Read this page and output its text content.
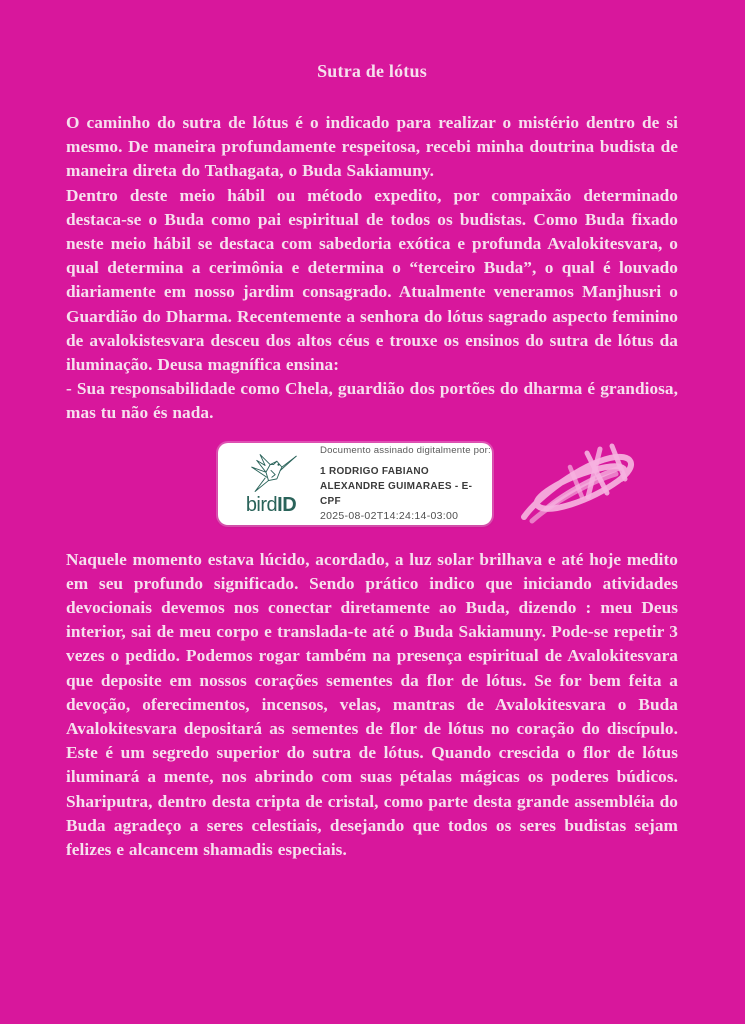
Sutra de lótus

O caminho do sutra de lótus é o indicado para realizar o mistério dentro de si mesmo. De maneira profundamente respeitosa, recebi minha doutrina budista de maneira direta do Tathagata, o Buda Sakiamuny.

Dentro deste meio hábil ou método expedito, por compaixão determinado destaca-se o Buda como pai espiritual de todos os budistas. Como Buda fixado neste meio hábil se destaca com sabedoria exótica e profunda Avalokitesvara, o qual determina a cerimônia e determina o “terceiro Buda”, o qual é louvado diariamente em nosso jardim consagrado. Atualmente veneramos Manjhusri o Guardião do Dharma. Recentemente a senhora do lótus sagrado aspecto feminino de avalokistesvara desceu dos altos céus e trouxe os ensinos do sutra de lótus da iluminação. Deusa magnífica ensina:

- Sua responsabilidade como Chela, guardião dos portões do dharma é grandiosa, mas tu não és nada.

birdID
Documento assinado digitalmente por:
1 RODRIGO FABIANO ALEXANDRE GUIMARAES - E- CPF
2025-08-02T14:24:14-03:00

Naquele momento estava lúcido, acordado, a luz solar brilhava e até hoje medito em seu profundo significado. Sendo prático indico que iniciando atividades devocionais devemos nos conectar diretamente ao Buda, dizendo : meu Deus interior, sai de meu corpo e translada-te até o Buda Sakiamuny. Pode-se repetir 3 vezes o pedido. Podemos rogar também na presença espiritual de Avalokitesvara que deposite em nossos corações sementes da flor de lótus. Se for bem feita a devoção, oferecimentos, incensos, velas, mantras de Avalokitesvara o Buda Avalokitesvara depositará as sementes de flor de lótus no coração do discípulo. Este é um segredo superior do sutra de lótus. Quando crescida o flor de lótus iluminará a mente, nos abrindo com suas pétalas mágicas os poderes búdicos. Shariputra, dentro desta cripta de cristal, como parte desta grande assembléia do Buda agradeço a seres celestiais, desejando que todos os seres budistas sejam felizes e alcancem shamadis especiais.
